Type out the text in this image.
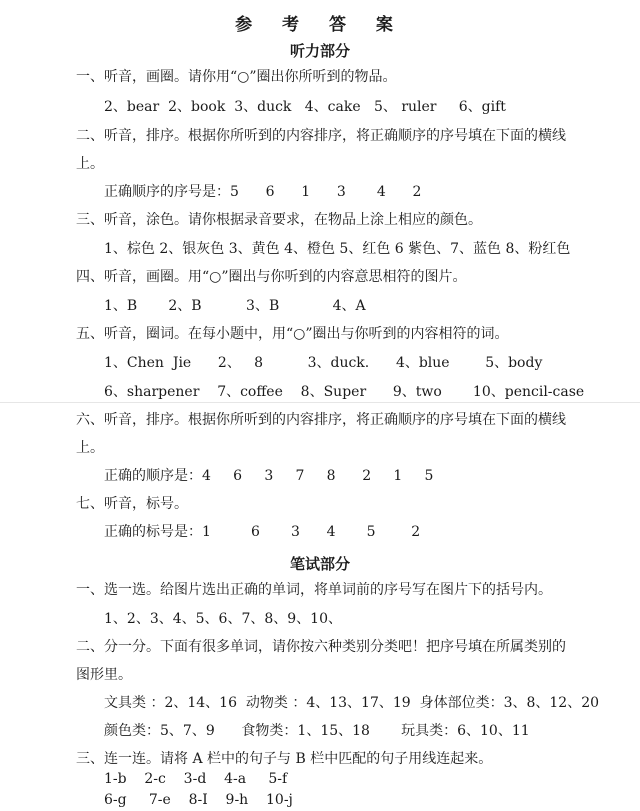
参 考 答 案
听力部分
一、听音，画圈。请你用“○”圈出你所听到的物品。
2、bear  2、book  3、duck   4、cake   5、 ruler     6、gift
二、听音，排序。根据你所听到的内容排序，将正确顺序的序号填在下面的横线
上。
正确顺序的序号是：5      6      1      3       4      2
三、听音，涂色。请你根据录音要求，在物品上涂上相应的颜色。
1、棕色 2、银灰色 3、黄色 4、橙色 5、红色 6 紫色、7、蓝色 8、粉红色
四、听音，画圈。用“○”圈出与你听到的内容意思相符的图片。
1、B       2、B          3、B            4、A
五、听音，圈词。在每小题中，用“○”圈出与你听到的内容相符的词。
1、Chen  Jie      2、   8          3、duck.      4、blue        5、body
6、sharpener    7、coffee    8、Super      9、two       10、pencil-case
六、听音，排序。根据你所听到的内容排序，将正确顺序的序号填在下面的横线
上。
正确的顺序是：4     6     3     7     8      2     1     5
七、听音，标号。
正确的标号是：1         6       3      4       5        2
笔试部分
一、选一选。给图片选出正确的单词，将单词前的序号写在图片下的括号内。
1、2、3、4、5、6、7、8、9、10、
二、分一分。下面有很多单词，请你按六种类别分类吧！把序号填在所属类别的
图形里。
文具类 ：2、14、16  动物类 ：4、13、17、19  身体部位类：3、8、12、20
颜色类：5、7、9      食物类：1、15、18       玩具类：6、10、11
三、连一连。请将 A 栏中的句子与 B 栏中匹配的句子用线连起来。
1-b    2-c    3-d    4-a     5-f
6-g     7-e    8-I    9-h    10-j
